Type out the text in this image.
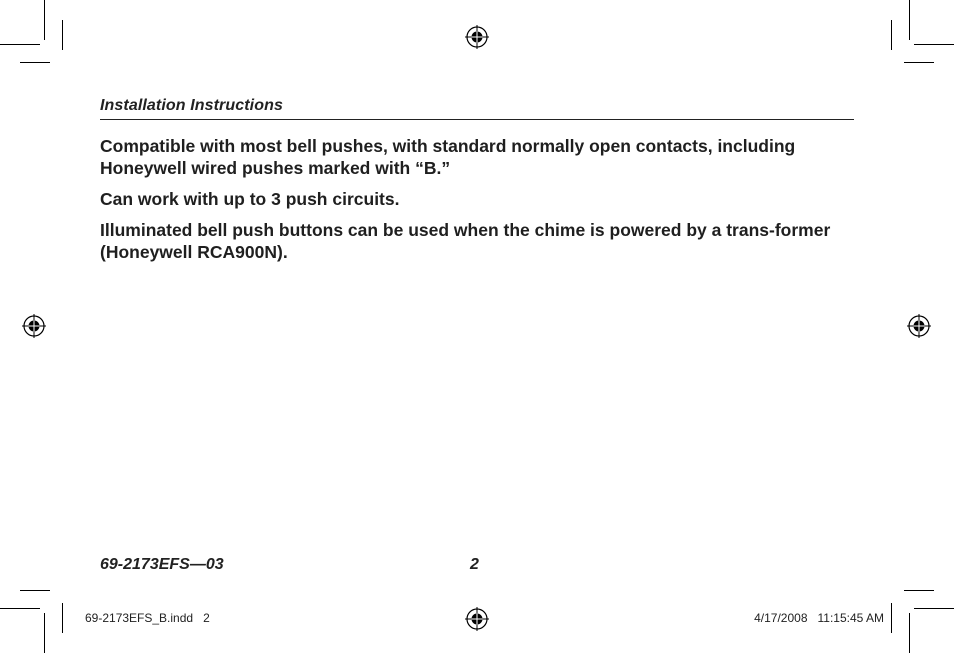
Installation Instructions

Compatible with most bell pushes, with standard normally open contacts, including Honeywell wired pushes marked with “B.”

Can work with up to 3 push circuits.

Illuminated bell push buttons can be used when the chime is powered by a trans-former (Honeywell RCA900N).

69-2173EFS—03	2
69-2173EFS_B.indd   2	4/17/2008   11:15:45 AM
